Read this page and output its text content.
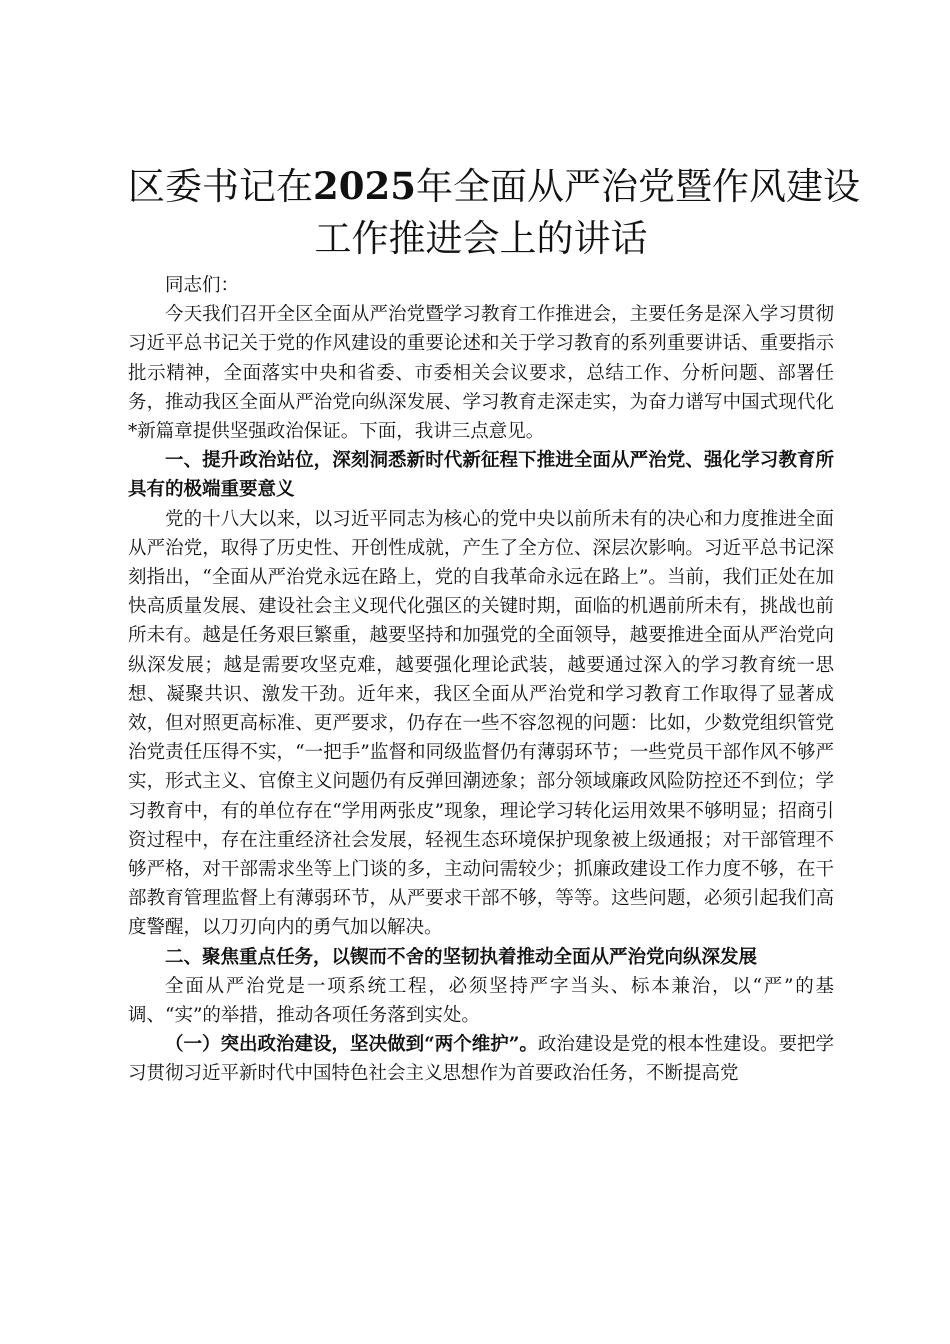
区委书记在2025年全面从严治党暨作风建设
工作推进会上的讲话

同志们：

今天我们召开全区全面从严治党暨学习教育工作推进会，主要任务是深入学习贯彻习近平总书记关于党的作风建设的重要论述和关于学习教育的系列重要讲话、重要指示批示精神，全面落实中央和省委、市委相关会议要求，总结工作、分析问题、部署任务，推动我区全面从严治党向纵深发展、学习教育走深走实，为奋力谱写中国式现代化*新篇章提供坚强政治保证。下面，我讲三点意见。

一、提升政治站位，深刻洞悉新时代新征程下推进全面从严治党、强化学习教育所具有的极端重要意义

党的十八大以来，以习近平同志为核心的党中央以前所未有的决心和力度推进全面从严治党，取得了历史性、开创性成就，产生了全方位、深层次影响。习近平总书记深刻指出，“全面从严治党永远在路上，党的自我革命永远在路上”。当前，我们正处在加快高质量发展、建设社会主义现代化强区的关键时期，面临的机遇前所未有，挑战也前所未有。越是任务艰巨繁重，越要坚持和加强党的全面领导，越要推进全面从严治党向纵深发展；越是需要攻坚克难，越要强化理论武装，越要通过深入的学习教育统一思想、凝聚共识、激发干劲。近年来，我区全面从严治党和学习教育工作取得了显著成效，但对照更高标准、更严要求，仍存在一些不容忽视的问题：比如，少数党组织管党治党责任压得不实，“一把手”监督和同级监督仍有薄弱环节；一些党员干部作风不够严实，形式主义、官僚主义问题仍有反弹回潮迹象；部分领域廉政风险防控还不到位；学习教育中，有的单位存在“学用两张皮”现象，理论学习转化运用效果不够明显；招商引资过程中，存在注重经济社会发展，轻视生态环境保护现象被上级通报；对干部管理不够严格，对干部需求坐等上门谈的多，主动问需较少；抓廉政建设工作力度不够，在干部教育管理监督上有薄弱环节，从严要求干部不够，等等。这些问题，必须引起我们高度警醒，以刀刃向内的勇气加以解决。

二、聚焦重点任务，以锲而不舍的坚韧执着推动全面从严治党向纵深发展

全面从严治党是一项系统工程，必须坚持严字当头、标本兼治，以“严”的基调、“实”的举措，推动各项任务落到实处。

（一）突出政治建设，坚决做到“两个维护”。政治建设是党的根本性建设。要把学习贯彻习近平新时代中国特色社会主义思想作为首要政治任务，不断提高党
